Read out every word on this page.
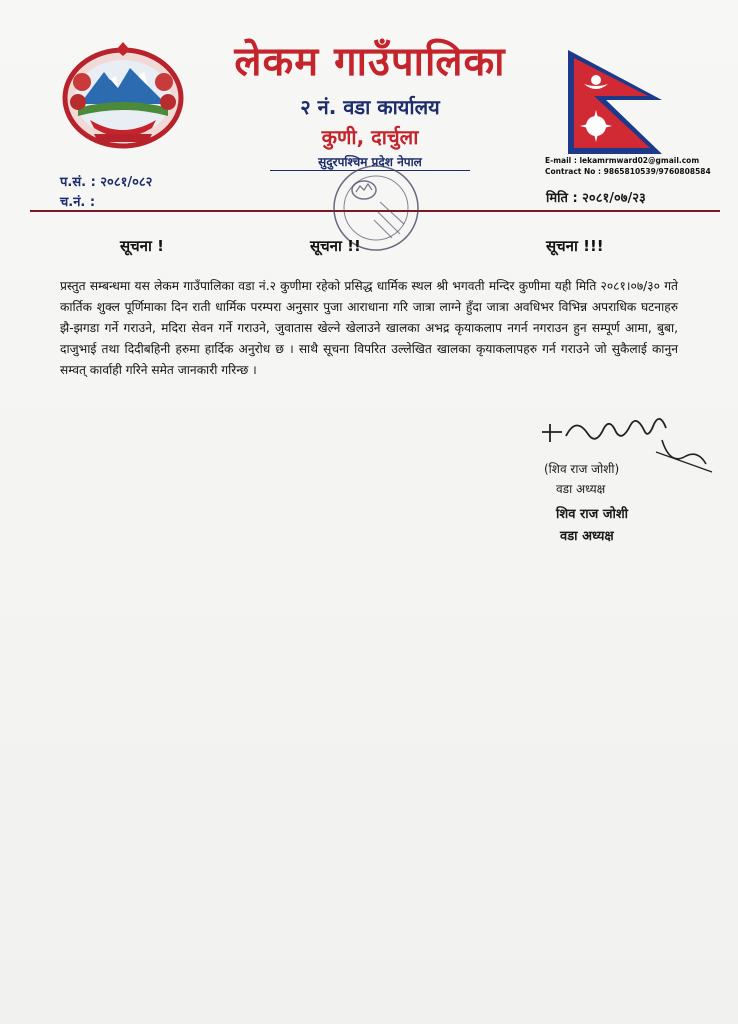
लेकम गाउँपालिका
२ नं. वडा कार्यालय
कुणी, दार्चुला
सुदुरपश्चिम प्रदेश नेपाल	E-mail : lekamrmward02@gmail.com
Contract No : 9865810539/9760808584
प.सं. : २०८१/०८२
च.नं. :	मिति : २०८१/०७/२३
सूचना !	सूचना !!	सूचना !!!
प्रस्तुत सम्बन्धमा यस लेकम गाउँपालिका वडा नं.२ कुणीमा रहेको प्रसिद्ध धार्मिक स्थल श्री भगवती मन्दिर कुणीमा यही मिति २०८१।०७/३० गते कार्तिक शुक्ल पूर्णिमाका दिन राती धार्मिक परम्परा अनुसार पुजा आराधाना गरि जात्रा लाग्ने हुँदा जात्रा अवधिभर विभिन्न अपराधिक घटनाहरु झै-झगडा गर्ने गराउने, मदिरा सेवन गर्ने गराउने, जुवातास खेल्ने खेलाउने खालका अभद्र कृयाकलाप नगर्न नगराउन हुन सम्पूर्ण आमा, बुबा, दाजुभाई तथा दिदीबहिनी हरुमा हार्दिक अनुरोध छ । साथै सूचना विपरित उल्लेखित खालका कृयाकलापहरु गर्न गराउने जो सुकैलाई कानुन सम्वत् कार्वाही गरिने समेत जानकारी गरिन्छ ।
(शिव राज जोशी)
वडा अध्यक्ष
शिव राज जोशी
वडा अध्यक्ष
